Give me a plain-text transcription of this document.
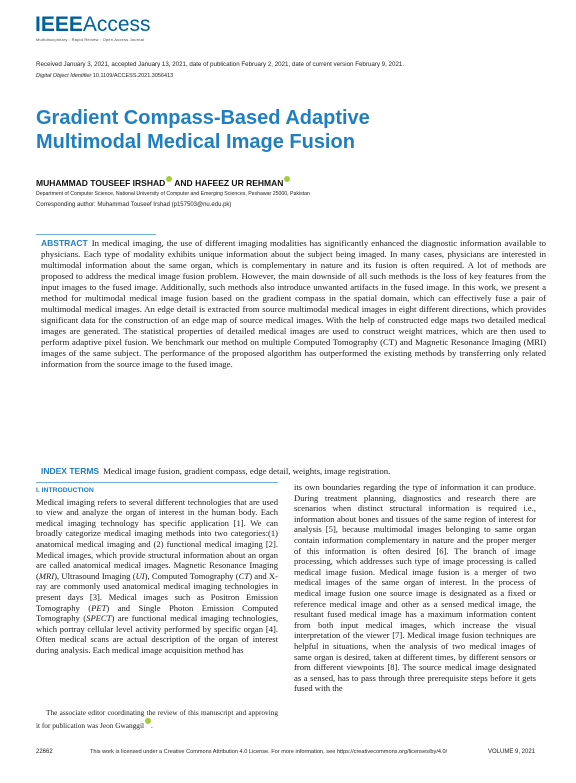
IEEEAccess
Multidisciplinary : Rapid Review : Open Access Journal
Received January 3, 2021, accepted January 13, 2021, date of publication February 2, 2021, date of current version February 9, 2021.
Digital Object Identifier 10.1109/ACCESS.2021.3056413
Gradient Compass-Based Adaptive Multimodal Medical Image Fusion
MUHAMMAD TOUSEEF IRSHAD AND HAFEEZ UR REHMAN
Department of Computer Science, National University of Computer and Emerging Sciences, Peshawar 25000, Pakistan
Corresponding author: Muhammad Touseef Irshad (p157503@nu.edu.pk)

ABSTRACT In medical imaging, the use of different imaging modalities has significantly enhanced the diagnostic information available to physicians. Each type of modality exhibits unique information about the subject being imaged. In many cases, physicians are interested in multimodal information about the same organ, which is complementary in nature and its fusion is often required. A lot of methods are proposed to address the medical image fusion problem. However, the main downside of all such methods is the loss of key features from the input images to the fused image. Additionally, such methods also introduce unwanted artifacts in the fused image. In this work, we present a method for multimodal medical image fusion based on the gradient compass in the spatial domain, which can effectively fuse a pair of multimodal medical images. An edge detail is extracted from source multimodal medical images in eight different directions, which provides significant data for the construction of an edge map of source medical images. With the help of constructed edge maps two detailed medical images are generated. The statistical properties of detailed medical images are used to construct weight matrices, which are then used to perform adaptive pixel fusion. We benchmark our method on multiple Computed Tomography (CT) and Magnetic Resonance Imaging (MRI) images of the same subject. The performance of the proposed algorithm has outperformed the existing methods by transferring only related information from the source image to the fused image.

INDEX TERMS Medical image fusion, gradient compass, edge detail, weights, image registration.

I. INTRODUCTION

Medical imaging refers to several different technologies that are used to view and analyze the organ of interest in the human body. Each medical imaging technology has specific application [1]. We can broadly categorize medical imaging methods into two categories:(1) anatomical medical imaging and (2) functional medical imaging [2]. Medical images, which provide structural information about an organ are called anatomical medical images. Magnetic Resonance Imaging (MRI), Ultrasound Imaging (UI), Computed Tomography (CT) and X-ray are commonly used anatomical medical imaging technologies in present days [3]. Medical images such as Positron Emission Tomography (PET) and Single Photon Emission Computed Tomography (SPECT) are functional medical imaging technologies, which portray cellular level activity performed by specific organ [4]. Often medical scans are actual description of the organ of interest during analysis. Each medical image acquisition method has

its own boundaries regarding the type of information it can produce. During treatment planning, diagnostics and research there are scenarios when distinct structural information is required i.e., information about bones and tissues of the same region of interest for analysis [5], because multimodal images belonging to same organ contain information complementary in nature and the proper merger of this information is often desired [6]. The branch of image processing, which addresses such type of image processing is called medical image fusion. Medical image fusion is a merger of two medical images of the same organ of interest. In the process of medical image fusion one source image is designated as a fixed or reference medical image and other as a sensed medical image, the resultant fused medical image has a maximum information content from both input medical images, which increase the visual interpretation of the viewer [7]. Medical image fusion techniques are helpful in situations, when the analysis of two medical images of same organ is desired, taken at different times, by different sensors or from different viewpoints [8]. The source medical image designated as a sensed, has to pass through three prerequisite steps before it gets fused with the

The associate editor coordinating the review of this manuscript and approving it for publication was Jeon Gwanggil .

22662	This work is licensed under a Creative Commons Attribution 4.0 License. For more information, see https://creativecommons.org/licenses/by/4.0/	VOLUME 9, 2021
